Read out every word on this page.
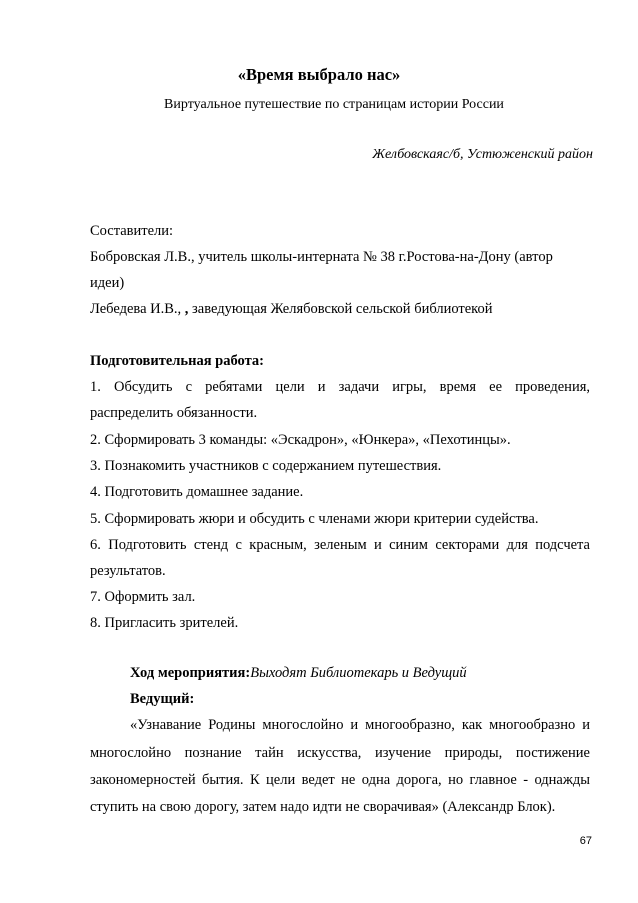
«Время выбрало нас»
Виртуальное путешествие по страницам истории России
Желбовскаяс/б, Устюженский район
Составители:
Бобровская Л.В., учитель школы-интерната № 38 г.Ростова-на-Дону (автор
идеи)
Лебедева И.В., , заведующая Желябовской сельской библиотекой
Подготовительная работа:
1. Обсудить с ребятами цели и задачи игры, время ее проведения,
распределить обязанности.
2. Сформировать 3 команды: «Эскадрон», «Юнкера», «Пехотинцы».
3. Познакомить участников с содержанием путешествия.
4. Подготовить домашнее задание.
5. Сформировать жюри и обсудить с членами жюри критерии судейства.
6. Подготовить стенд с красным, зеленым и синим секторами для подсчета
результатов.
7. Оформить зал.
8. Пригласить зрителей.
Ход мероприятия:Выходят Библиотекарь и Ведущий
Ведущий:
«Узнавание Родины многослойно и многообразно, как многообразно и
многослойно познание тайн искусства, изучение природы, постижение
закономерностей бытия. К цели ведет не одна дорога, но главное - однажды
ступить на свою дорогу, затем надо идти не сворачивая» (Александр Блок).
67
